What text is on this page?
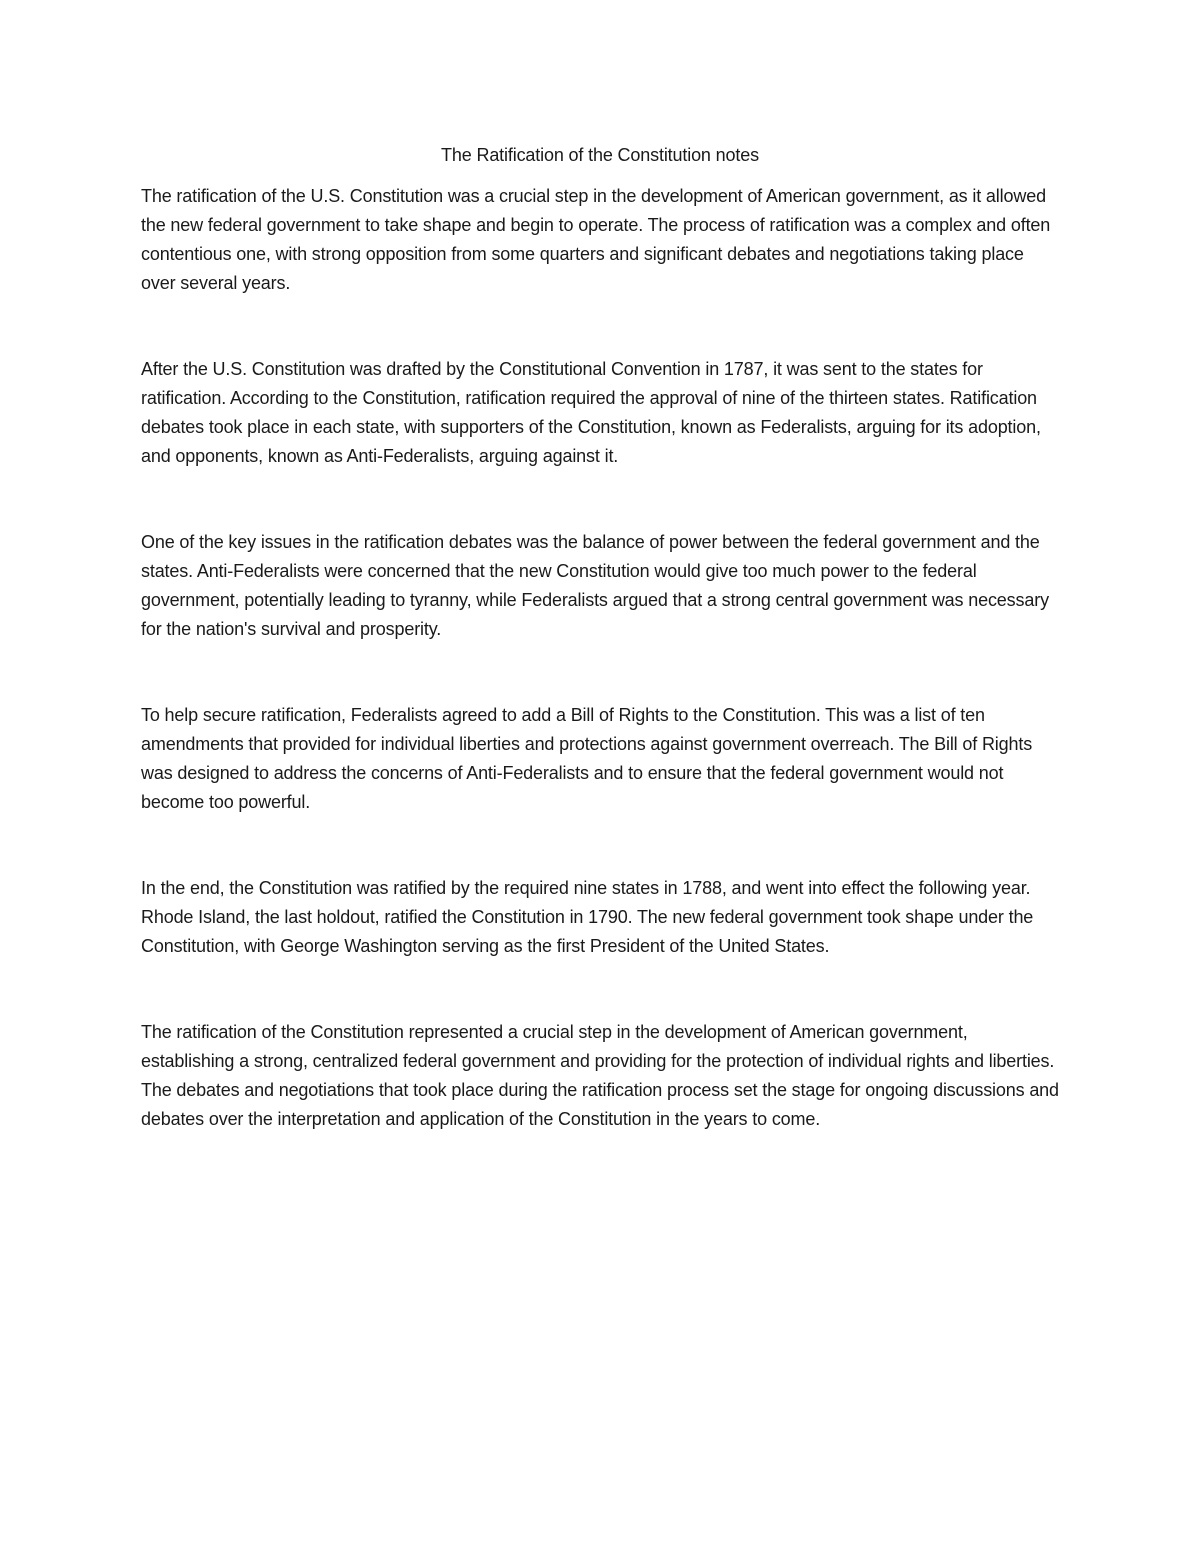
The Ratification of the Constitution notes

The ratification of the U.S. Constitution was a crucial step in the development of American government, as it allowed the new federal government to take shape and begin to operate. The process of ratification was a complex and often contentious one, with strong opposition from some quarters and significant debates and negotiations taking place over several years.

After the U.S. Constitution was drafted by the Constitutional Convention in 1787, it was sent to the states for ratification. According to the Constitution, ratification required the approval of nine of the thirteen states. Ratification debates took place in each state, with supporters of the Constitution, known as Federalists, arguing for its adoption, and opponents, known as Anti-Federalists, arguing against it.

One of the key issues in the ratification debates was the balance of power between the federal government and the states. Anti-Federalists were concerned that the new Constitution would give too much power to the federal government, potentially leading to tyranny, while Federalists argued that a strong central government was necessary for the nation's survival and prosperity.

To help secure ratification, Federalists agreed to add a Bill of Rights to the Constitution. This was a list of ten amendments that provided for individual liberties and protections against government overreach. The Bill of Rights was designed to address the concerns of Anti-Federalists and to ensure that the federal government would not become too powerful.

In the end, the Constitution was ratified by the required nine states in 1788, and went into effect the following year. Rhode Island, the last holdout, ratified the Constitution in 1790. The new federal government took shape under the Constitution, with George Washington serving as the first President of the United States.

The ratification of the Constitution represented a crucial step in the development of American government, establishing a strong, centralized federal government and providing for the protection of individual rights and liberties. The debates and negotiations that took place during the ratification process set the stage for ongoing discussions and debates over the interpretation and application of the Constitution in the years to come.
